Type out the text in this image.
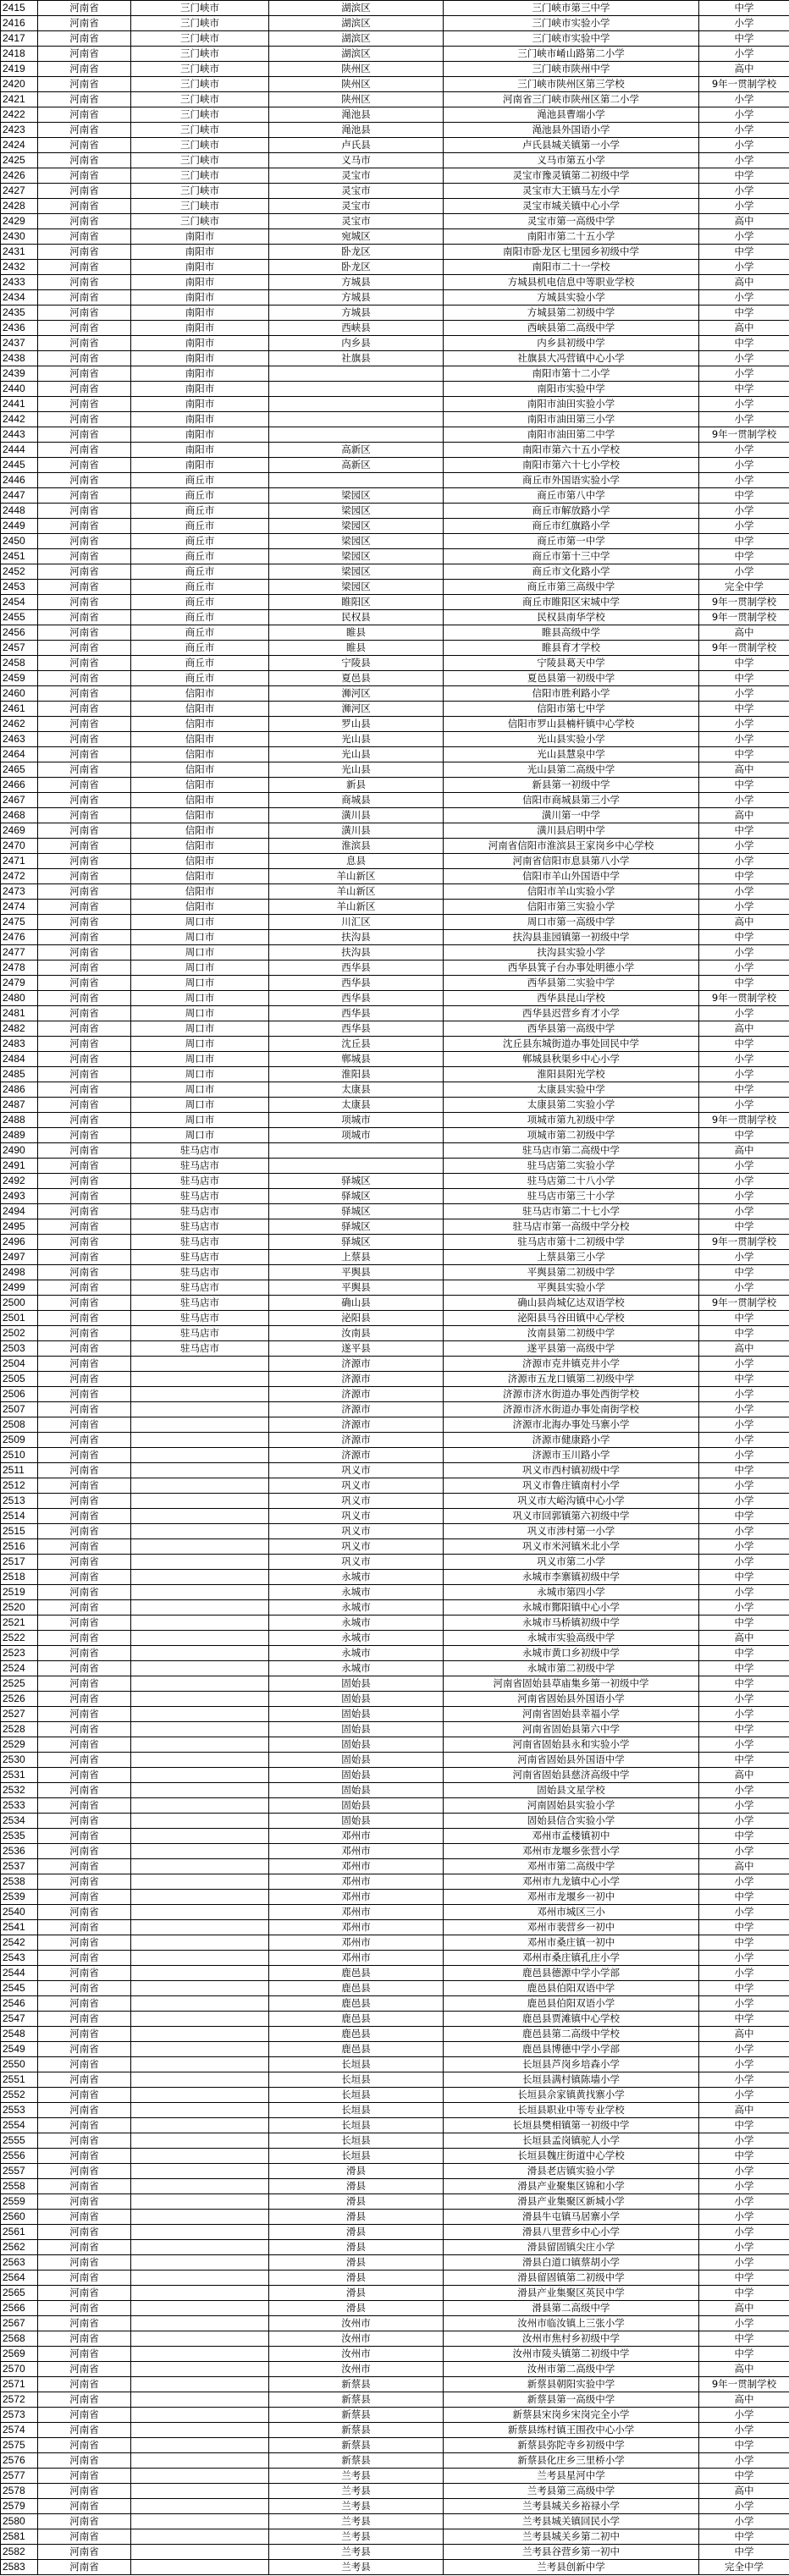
2415	河南省	三门峡市	湖滨区	三门峡市第三中学	中学
2416	河南省	三门峡市	湖滨区	三门峡市实验小学	小学
2417	河南省	三门峡市	湖滨区	三门峡市实验中学	中学
2418	河南省	三门峡市	湖滨区	三门峡市崤山路第二小学	小学
2419	河南省	三门峡市	陕州区	三门峡市陕州中学	高中
2420	河南省	三门峡市	陕州区	三门峡市陕州区第三学校	9年一贯制学校
2421	河南省	三门峡市	陕州区	河南省三门峡市陕州区第二小学	小学
2422	河南省	三门峡市	渑池县	渑池县曹端小学	小学
2423	河南省	三门峡市	渑池县	渑池县外国语小学	小学
2424	河南省	三门峡市	卢氏县	卢氏县城关镇第一小学	小学
2425	河南省	三门峡市	义马市	义马市第五小学	小学
2426	河南省	三门峡市	灵宝市	灵宝市豫灵镇第二初级中学	中学
2427	河南省	三门峡市	灵宝市	灵宝市大王镇马左小学	小学
2428	河南省	三门峡市	灵宝市	灵宝市城关镇中心小学	小学
2429	河南省	三门峡市	灵宝市	灵宝市第一高级中学	高中
2430	河南省	南阳市	宛城区	南阳市第二十五小学	小学
2431	河南省	南阳市	卧龙区	南阳市卧龙区七里园乡初级中学	中学
2432	河南省	南阳市	卧龙区	南阳市二十一学校	小学
2433	河南省	南阳市	方城县	方城县机电信息中等职业学校	高中
2434	河南省	南阳市	方城县	方城县实验小学	小学
2435	河南省	南阳市	方城县	方城县第二初级中学	中学
2436	河南省	南阳市	西峡县	西峡县第二高级中学	高中
2437	河南省	南阳市	内乡县	内乡县初级中学	中学
2438	河南省	南阳市	社旗县	社旗县大冯营镇中心小学	小学
2439	河南省	南阳市		南阳市第十二小学	小学
2440	河南省	南阳市		南阳市实验中学	中学
2441	河南省	南阳市		南阳市油田实验小学	小学
2442	河南省	南阳市		南阳市油田第三小学	小学
2443	河南省	南阳市		南阳市油田第二中学	9年一贯制学校
2444	河南省	南阳市	高新区	南阳市第六十五小学校	小学
2445	河南省	南阳市	高新区	南阳市第六十七小学校	小学
2446	河南省	商丘市		商丘市外国语实验小学	小学
2447	河南省	商丘市	梁园区	商丘市第八中学	中学
2448	河南省	商丘市	梁园区	商丘市解放路小学	小学
2449	河南省	商丘市	梁园区	商丘市红旗路小学	小学
2450	河南省	商丘市	梁园区	商丘市第一中学	中学
2451	河南省	商丘市	梁园区	商丘市第十三中学	中学
2452	河南省	商丘市	梁园区	商丘市文化路小学	小学
2453	河南省	商丘市	梁园区	商丘市第三高级中学	完全中学
2454	河南省	商丘市	睢阳区	商丘市睢阳区宋城中学	9年一贯制学校
2455	河南省	商丘市	民权县	民权县南华学校	9年一贯制学校
2456	河南省	商丘市	睢县	睢县高级中学	高中
2457	河南省	商丘市	睢县	睢县育才学校	9年一贯制学校
2458	河南省	商丘市	宁陵县	宁陵县葛天中学	中学
2459	河南省	商丘市	夏邑县	夏邑县第一初级中学	中学
2460	河南省	信阳市	浉河区	信阳市胜利路小学	小学
2461	河南省	信阳市	浉河区	信阳市第七中学	中学
2462	河南省	信阳市	罗山县	信阳市罗山县楠杆镇中心学校	小学
2463	河南省	信阳市	光山县	光山县实验小学	小学
2464	河南省	信阳市	光山县	光山县慧泉中学	中学
2465	河南省	信阳市	光山县	光山县第二高级中学	高中
2466	河南省	信阳市	新县	新县第一初级中学	中学
2467	河南省	信阳市	商城县	信阳市商城县第三小学	小学
2468	河南省	信阳市	潢川县	潢川第一中学	高中
2469	河南省	信阳市	潢川县	潢川县启明中学	中学
2470	河南省	信阳市	淮滨县	河南省信阳市淮滨县王家岗乡中心学校	小学
2471	河南省	信阳市	息县	河南省信阳市息县第八小学	小学
2472	河南省	信阳市	羊山新区	信阳市羊山外国语中学	中学
2473	河南省	信阳市	羊山新区	信阳市羊山实验小学	小学
2474	河南省	信阳市	羊山新区	信阳市第三实验小学	小学
2475	河南省	周口市	川汇区	周口市第一高级中学	高中
2476	河南省	周口市	扶沟县	扶沟县韭园镇第一初级中学	中学
2477	河南省	周口市	扶沟县	扶沟县实验小学	小学
2478	河南省	周口市	西华县	西华县箕子台办事处明德小学	小学
2479	河南省	周口市	西华县	西华县第二实验中学	中学
2480	河南省	周口市	西华县	西华县昆山学校	9年一贯制学校
2481	河南省	周口市	西华县	西华县迟营乡育才小学	小学
2482	河南省	周口市	西华县	西华县第一高级中学	高中
2483	河南省	周口市	沈丘县	沈丘县东城街道办事处回民中学	中学
2484	河南省	周口市	郸城县	郸城县秋渠乡中心小学	小学
2485	河南省	周口市	淮阳县	淮阳县阳光学校	小学
2486	河南省	周口市	太康县	太康县实验中学	中学
2487	河南省	周口市	太康县	太康县第二实验小学	小学
2488	河南省	周口市	项城市	项城市第九初级中学	9年一贯制学校
2489	河南省	周口市	项城市	项城市第二初级中学	中学
2490	河南省	驻马店市		驻马店市第二高级中学	高中
2491	河南省	驻马店市		驻马店第二实验小学	小学
2492	河南省	驻马店市	驿城区	驻马店第二十八小学	小学
2493	河南省	驻马店市	驿城区	驻马店市第三十小学	小学
2494	河南省	驻马店市	驿城区	驻马店市第二十七小学	小学
2495	河南省	驻马店市	驿城区	驻马店市第一高级中学分校	中学
2496	河南省	驻马店市	驿城区	驻马店市第十二初级中学	9年一贯制学校
2497	河南省	驻马店市	上蔡县	上蔡县第三小学	小学
2498	河南省	驻马店市	平舆县	平舆县第二初级中学	中学
2499	河南省	驻马店市	平舆县	平舆县实验小学	小学
2500	河南省	驻马店市	确山县	确山县尚城亿达双语学校	9年一贯制学校
2501	河南省	驻马店市	泌阳县	泌阳县马谷田镇中心学校	中学
2502	河南省	驻马店市	汝南县	汝南县第二初级中学	中学
2503	河南省	驻马店市	遂平县	遂平县第一高级中学	高中
2504	河南省		济源市	济源市克井镇克井小学	小学
2505	河南省		济源市	济源市五龙口镇第二初级中学	中学
2506	河南省		济源市	济源市济水街道办事处西街学校	小学
2507	河南省		济源市	济源市济水街道办事处南街学校	小学
2508	河南省		济源市	济源市北海办事处马寨小学	小学
2509	河南省		济源市	济源市健康路小学	小学
2510	河南省		济源市	济源市玉川路小学	小学
2511	河南省		巩义市	巩义市西村镇初级中学	中学
2512	河南省		巩义市	巩义市鲁庄镇南村小学	小学
2513	河南省		巩义市	巩义市大峪沟镇中心小学	小学
2514	河南省		巩义市	巩义市回郭镇第六初级中学	中学
2515	河南省		巩义市	巩义市涉村第一小学	小学
2516	河南省		巩义市	巩义市米河镇米北小学	小学
2517	河南省		巩义市	巩义市第二小学	小学
2518	河南省		永城市	永城市李寨镇初级中学	中学
2519	河南省		永城市	永城市第四小学	小学
2520	河南省		永城市	永城市酂阳镇中心小学	小学
2521	河南省		永城市	永城市马桥镇初级中学	中学
2522	河南省		永城市	永城市实验高级中学	高中
2523	河南省		永城市	永城市黄口乡初级中学	中学
2524	河南省		永城市	永城市第二初级中学	中学
2525	河南省		固始县	河南省固始县草庙集乡第一初级中学	中学
2526	河南省		固始县	河南省固始县外国语小学	小学
2527	河南省		固始县	河南省固始县幸福小学	小学
2528	河南省		固始县	河南省固始县第六中学	中学
2529	河南省		固始县	河南省固始县永和实验小学	小学
2530	河南省		固始县	河南省固始县外国语中学	中学
2531	河南省		固始县	河南省固始县慈济高级中学	高中
2532	河南省		固始县	固始县文星学校	小学
2533	河南省		固始县	河南固始县实验小学	小学
2534	河南省		固始县	固始县信合实验小学	小学
2535	河南省		邓州市	邓州市孟楼镇初中	中学
2536	河南省		邓州市	邓州市龙堰乡张营小学	小学
2537	河南省		邓州市	邓州市第二高级中学	高中
2538	河南省		邓州市	邓州市九龙镇中心小学	小学
2539	河南省		邓州市	邓州市龙堰乡一初中	中学
2540	河南省		邓州市	邓州市城区三小	小学
2541	河南省		邓州市	邓州市裴营乡一初中	中学
2542	河南省		邓州市	邓州市桑庄镇一初中	中学
2543	河南省		邓州市	邓州市桑庄镇孔庄小学	小学
2544	河南省		鹿邑县	鹿邑县德源中学小学部	小学
2545	河南省		鹿邑县	鹿邑县伯阳双语中学	中学
2546	河南省		鹿邑县	鹿邑县伯阳双语小学	小学
2547	河南省		鹿邑县	鹿邑县贾滩镇中心学校	中学
2548	河南省		鹿邑县	鹿邑县第二高级中学校	高中
2549	河南省		鹿邑县	鹿邑县博德中学小学部	小学
2550	河南省		长垣县	长垣县芦岗乡培森小学	小学
2551	河南省		长垣县	长垣县满村镇陈墙小学	小学
2552	河南省		长垣县	长垣县佘家镇黄找寨小学	小学
2553	河南省		长垣县	长垣县职业中等专业学校	高中
2554	河南省		长垣县	长垣县樊相镇第一初级中学	中学
2555	河南省		长垣县	长垣县孟岗镇驼人小学	小学
2556	河南省		长垣县	长垣县魏庄街道中心学校	中学
2557	河南省		滑县	滑县老店镇实验小学	小学
2558	河南省		滑县	滑县产业聚集区锦和小学	小学
2559	河南省		滑县	滑县产业集聚区新城小学	小学
2560	河南省		滑县	滑县牛屯镇马居寨小学	小学
2561	河南省		滑县	滑县八里营乡中心小学	小学
2562	河南省		滑县	滑县留固镇尖庄小学	小学
2563	河南省		滑县	滑县白道口镇蔡胡小学	小学
2564	河南省		滑县	滑县留固镇第二初级中学	中学
2565	河南省		滑县	滑县产业集聚区英民中学	中学
2566	河南省		滑县	滑县第二高级中学	高中
2567	河南省		汝州市	汝州市临汝镇上三张小学	小学
2568	河南省		汝州市	汝州市焦村乡初级中学	中学
2569	河南省		汝州市	汝州市陵头镇第二初级中学	中学
2570	河南省		汝州市	汝州市第二高级中学	高中
2571	河南省		新蔡县	新蔡县朝阳实验中学	9年一贯制学校
2572	河南省		新蔡县	新蔡县第一高级中学	高中
2573	河南省		新蔡县	新蔡县宋岗乡宋岗完全小学	小学
2574	河南省		新蔡县	新蔡县练村镇王围孜中心小学	小学
2575	河南省		新蔡县	新蔡县弥陀寺乡初级中学	中学
2576	河南省		新蔡县	新蔡县化庄乡三里桥小学	小学
2577	河南省		兰考县	兰考县星河中学	中学
2578	河南省		兰考县	兰考县第三高级中学	高中
2579	河南省		兰考县	兰考县城关乡裕禄小学	小学
2580	河南省		兰考县	兰考县城关镇回民小学	小学
2581	河南省		兰考县	兰考县城关乡第二初中	中学
2582	河南省		兰考县	兰考县谷营乡第一初中	中学
2583	河南省		兰考县	兰考县创新中学	完全中学
